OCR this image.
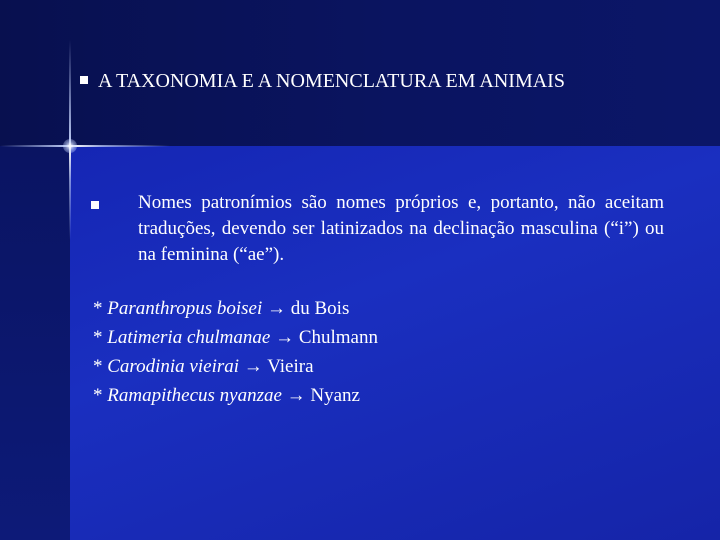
A TAXONOMIA E A NOMENCLATURA EM ANIMAIS
Nomes patronímios são nomes próprios e, portanto, não aceitam traduções, devendo ser latinizados na declinação masculina (“i”) ou na feminina (“ae”).
* Paranthropus boisei → du Bois
* Latimeria chulmanae → Chulmann
* Carodinia vieirai → Vieira
* Ramapithecus nyanzae → Nyanz
